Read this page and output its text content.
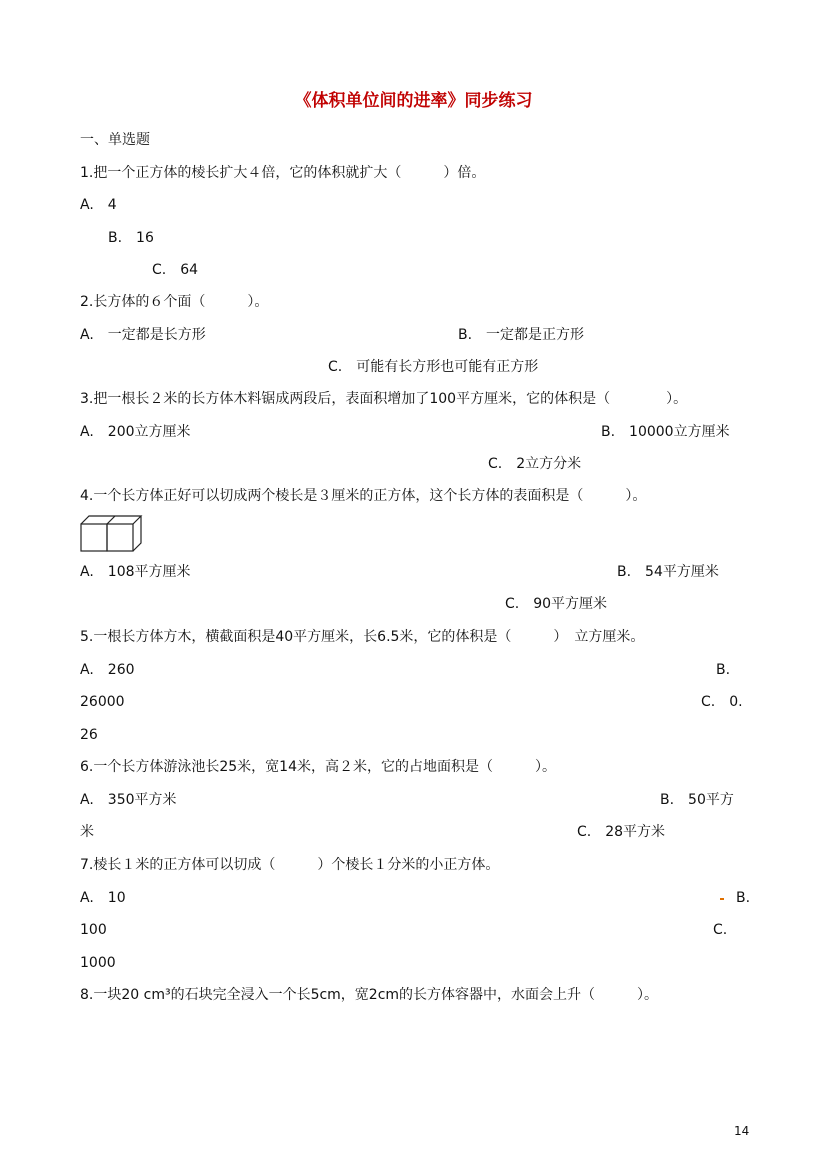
《体积单位间的进率》同步练习
一、单选题
1.把一个正方体的棱长扩大４倍，它的体积就扩大（　　　）倍。
A.　4
B.　16
C.　64
2.长方体的６个面（　　　）。
A.　一定都是长方形	B.　一定都是正方形
C.　可能有长方形也可能有正方形
3.把一根长２米的长方体木料锯成两段后，表面积增加了100平方厘米，它的体积是（　　　　）。
A.　200立方厘米	B.　10000立方厘米
C.　2立方分米
4.一个长方体正好可以切成两个棱长是３厘米的正方体，这个长方体的表面积是（　　　）。
A.　108平方厘米	B.　54平方厘米
C.　90平方厘米
5.一根长方体方木，横截面积是40平方厘米，长6.5米，它的体积是（　　　）　立方厘米。
A.　260	B.
26000	C.　0.
26
6.一个长方体游泳池长25米，宽14米，高２米，它的占地面积是（　　　）。
B.　50平方
A.　350平方米
米	C.　28平方米
7.棱长１米的正方体可以切成（　　　）个棱长１分米的小正方体。
A.　10	B.
100	C.
1000
8.一块20 cm³的石块完全浸入一个长5cm，宽2cm的长方体容器中，水面会上升（　　　）。
14
